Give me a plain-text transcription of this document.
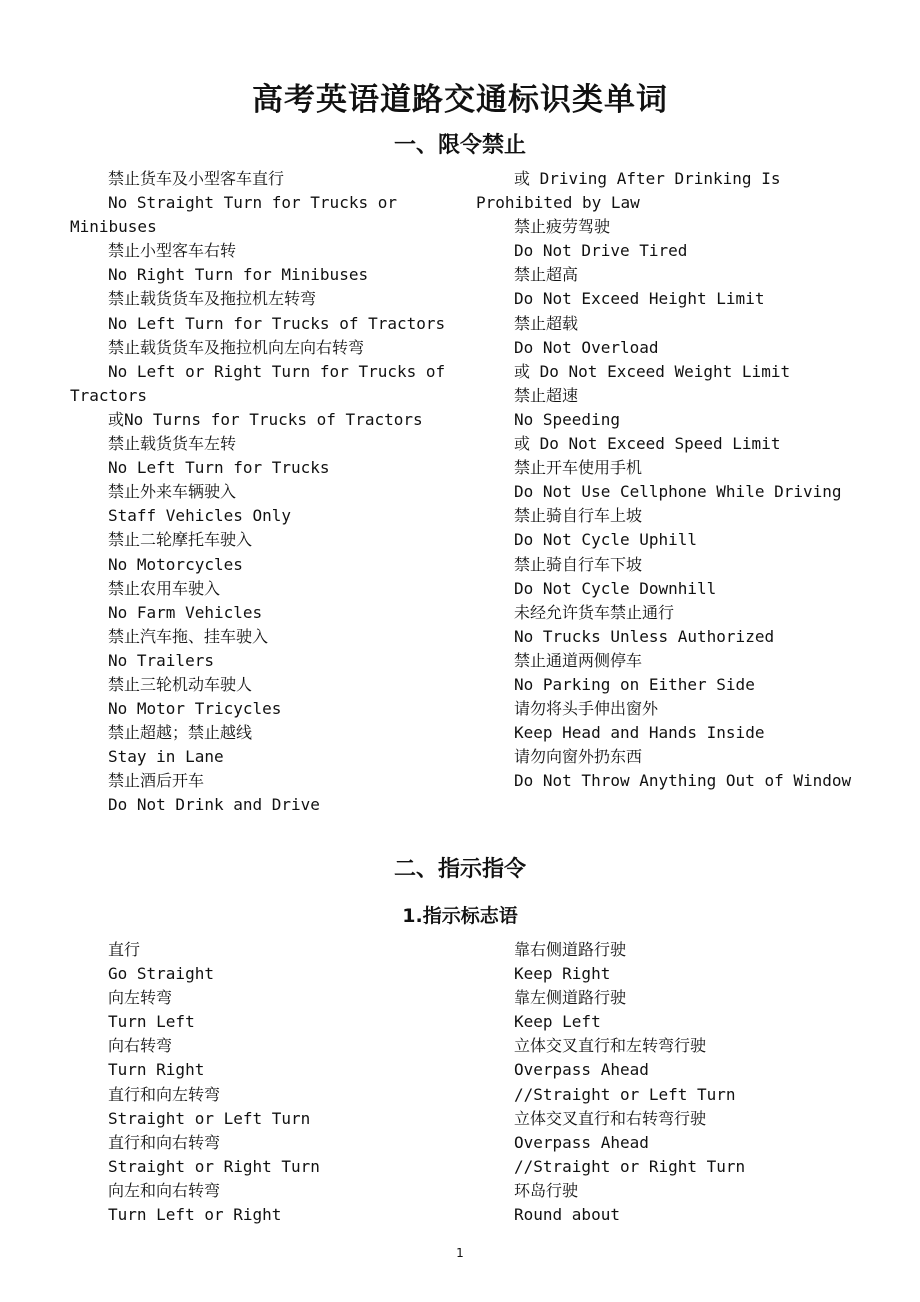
高考英语道路交通标识类单词
一、限令禁止
禁止货车及小型客车直行
No Straight Turn for Trucks or
Minibuses
禁止小型客车右转
No Right Turn for Minibuses
禁止载货货车及拖拉机左转弯
No Left Turn for Trucks of Tractors
禁止载货货车及拖拉机向左向右转弯
No Left or Right Turn for Trucks of
Tractors
或No Turns for Trucks of Tractors
禁止载货货车左转
No Left Turn for Trucks
禁止外来车辆驶入
Staff Vehicles Only
禁止二轮摩托车驶入
No Motorcycles
禁止农用车驶入
No Farm Vehicles
禁止汽车拖、挂车驶入
No Trailers
禁止三轮机动车驶人
No Motor Tricycles
禁止超越；禁止越线
Stay in Lane
禁止酒后开车
Do Not Drink and Drive
或 Driving After Drinking Is
Prohibited by Law
禁止疲劳驾驶
Do Not Drive Tired
禁止超高
Do Not Exceed Height Limit
禁止超载
Do Not Overload
或 Do Not Exceed Weight Limit
禁止超速
No Speeding
或 Do Not Exceed Speed Limit
禁止开车使用手机
Do Not Use Cellphone While Driving
禁止骑自行车上坡
Do Not Cycle Uphill
禁止骑自行车下坡
Do Not Cycle Downhill
未经允许货车禁止通行
No Trucks Unless Authorized
禁止通道两侧停车
No Parking on Either Side
请勿将头手伸出窗外
Keep Head and Hands Inside
请勿向窗外扔东西
Do Not Throw Anything Out of Window
二、指示指令
1.指示标志语
直行
Go Straight
向左转弯
Turn Left
向右转弯
Turn Right
直行和向左转弯
Straight or Left Turn
直行和向右转弯
Straight or Right Turn
向左和向右转弯
Turn Left or Right
靠右侧道路行驶
Keep Right
靠左侧道路行驶
Keep Left
立体交叉直行和左转弯行驶
Overpass Ahead
//Straight or Left Turn
立体交叉直行和右转弯行驶
Overpass Ahead
//Straight or Right Turn
环岛行驶
Round about
1
